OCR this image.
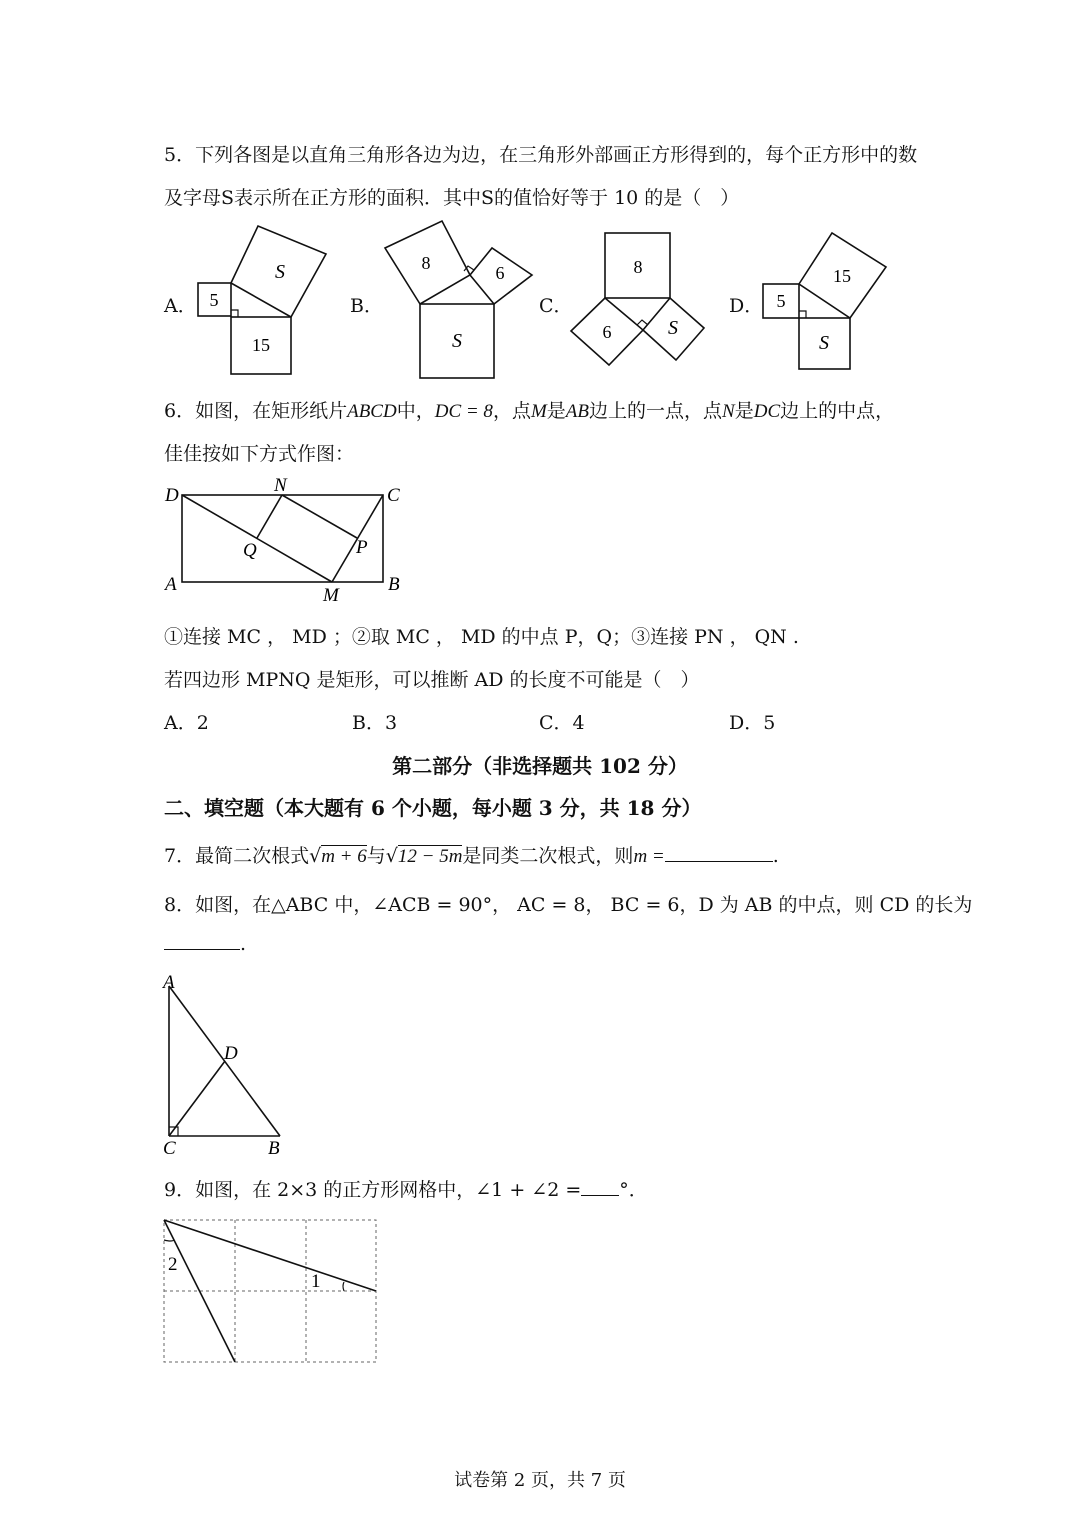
5．下列各图是以直角三角形各边为边，在三角形外部画正方形得到的，每个正方形中的数
及字母S表示所在正方形的面积．其中S的值恰好等于 10 的是（　）
A． 5
S
15
B．
8	6
S
C．
8
6	S
D． 5
15
S
6．如图，在矩形纸片ABCD中，DC = 8，点M是AB边上的一点，点N是DC边上的中点，
佳佳按如下方式作图：
D	N	C
Q	P
A
M
B
①连接 MC ， MD ；②取 MC ， MD 的中点 P，Q；③连接 PN ， QN .
若四边形 MPNQ 是矩形，可以推断 AD 的长度不可能是（　）
A．2	B．3	C．4	D．5
第二部分（非选择题共 102 分）
二、填空题（本大题有 6 个小题，每小题 3 分，共 18 分）
7．最简二次根式√m + 6与√12 − 5m是同类二次根式，则m =	.
8．如图，在△ABC 中，∠ACB = 90°， AC = 8， BC = 6，D 为 AB 的中点，则 CD 的长为
.
A
D
C	B
9．如图，在 2×3 的正方形网格中，∠1 + ∠2 = °．
2
1
试卷第 2 页，共 7 页
